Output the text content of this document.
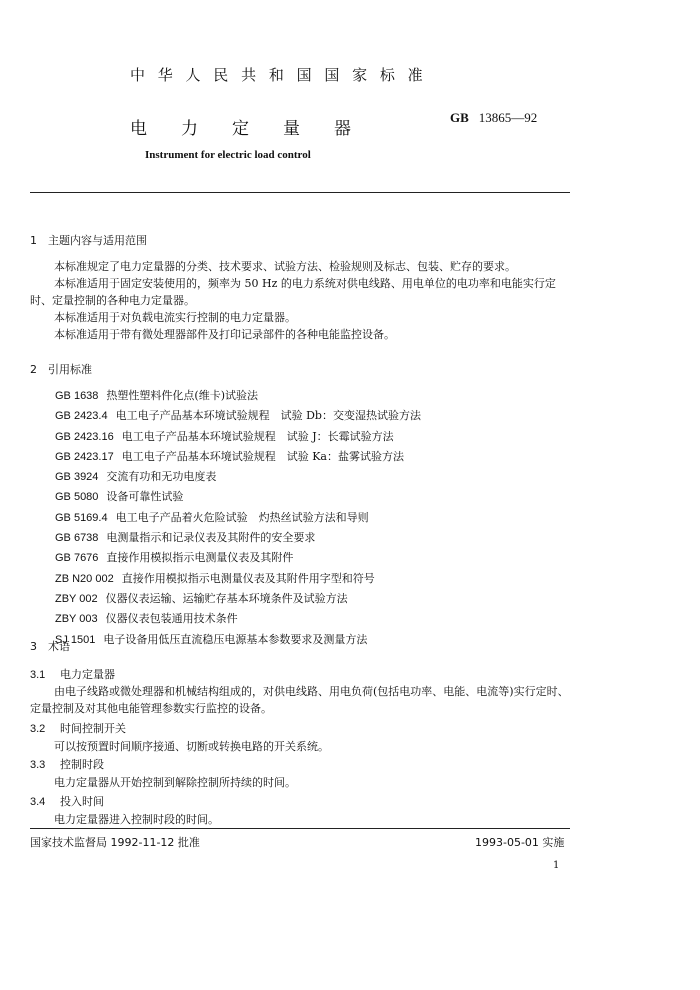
中 华 人 民 共 和 国 国 家 标 准
电力定量器
GB 13865—92
Instrument for electric load control
1 主题内容与适用范围

本标准规定了电力定量器的分类、技术要求、试验方法、检验规则及标志、包装、贮存的要求。

本标准适用于固定安装使用的，频率为 50 Hz 的电力系统对供电线路、用电单位的电功率和电能实行定时、定量控制的各种电力定量器。

本标准适用于对负载电流实行控制的电力定量器。

本标准适用于带有微处理器部件及打印记录部件的各种电能监控设备。

2 引用标准
GB 1638 热塑性塑料件化点(维卡)试验法
GB 2423.4 电工电子产品基本环境试验规程　试验 Db：交变湿热试验方法
GB 2423.16 电工电子产品基本环境试验规程　试验 J：长霉试验方法
GB 2423.17 电工电子产品基本环境试验规程　试验 Ka：盐雾试验方法
GB 3924 交流有功和无功电度表
GB 5080 设备可靠性试验
GB 5169.4 电工电子产品着火危险试验　灼热丝试验方法和导则
GB 6738 电测量指示和记录仪表及其附件的安全要求
GB 7676 直接作用模拟指示电测量仪表及其附件
ZB N20 002 直接作用模拟指示电测量仪表及其附件用字型和符号
ZBY 002 仪器仪表运输、运输贮存基本环境条件及试验方法
ZBY 003 仪器仪表包装通用技术条件
SJ 1501 电子设备用低压直流稳压电源基本参数要求及测量方法
3 术语
3.1 电力定量器

由电子线路或微处理器和机械结构组成的，对供电线路、用电负荷(包括电功率、电能、电流等)实行定时、定量控制及对其他电能管理参数实行监控的设备。

3.2 时间控制开关

可以按预置时间顺序接通、切断或转换电路的开关系统。

3.3 控制时段

电力定量器从开始控制到解除控制所持续的时间。

3.4 投入时间

电力定量器进入控制时段的时间。

国家技术监督局 1992-11-12 批准	1993-05-01 实施
1
